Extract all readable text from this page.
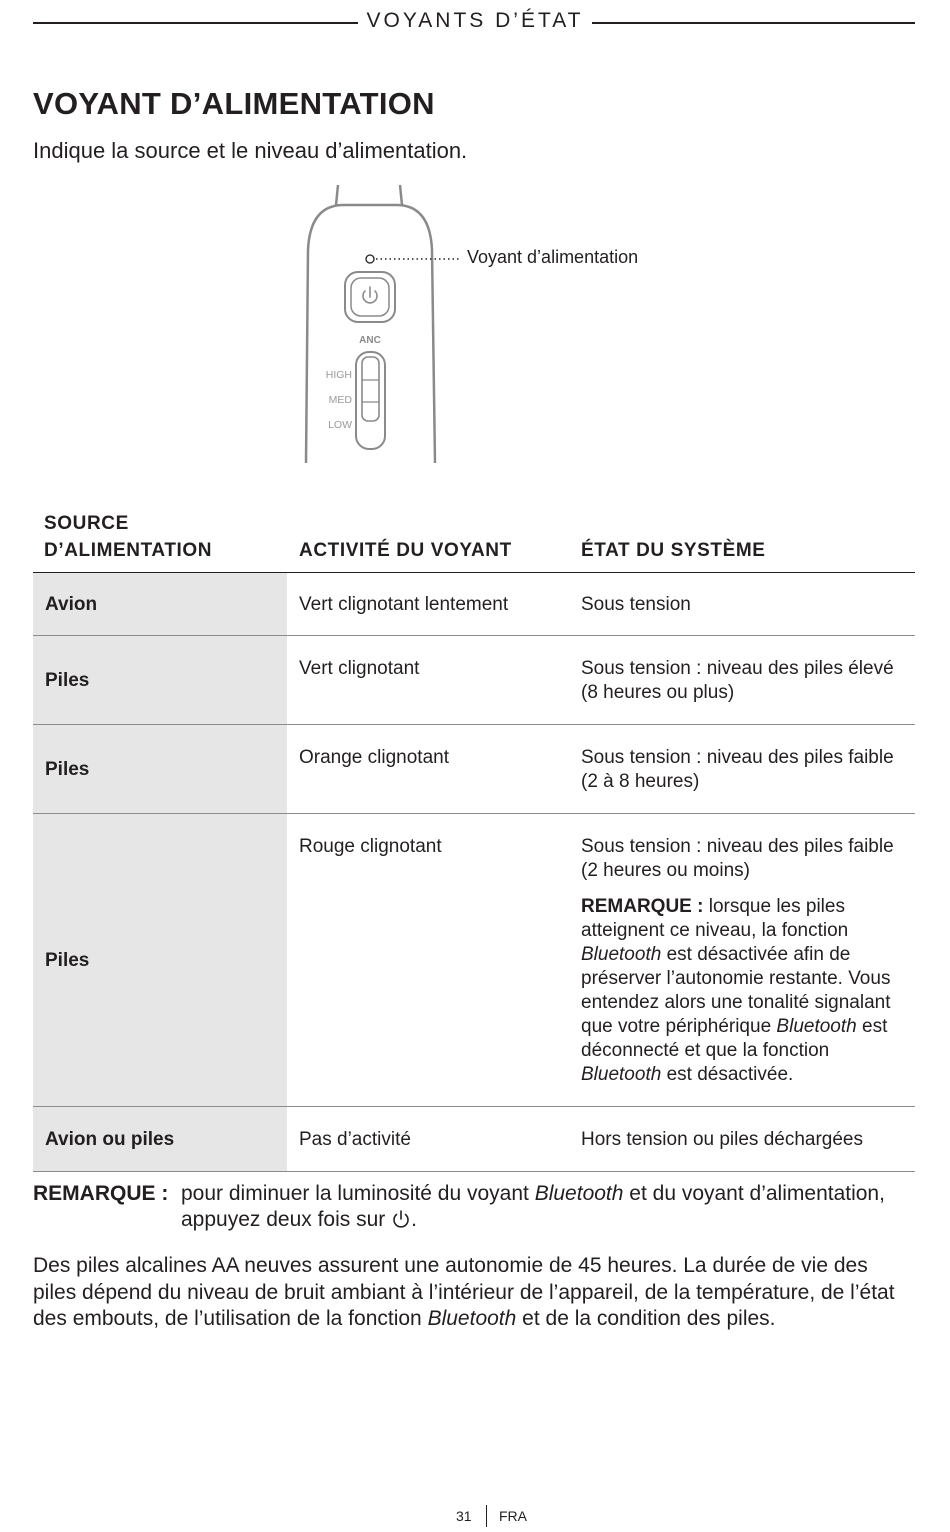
VOYANTS D’ÉTAT
VOYANT D’ALIMENTATION

Indique la source et le niveau d’alimentation.

ANC
HIGH
MED
LOW
Voyant d’alimentation
SOURCE D’ALIMENTATION	ACTIVITÉ DU VOYANT	ÉTAT DU SYSTÈME
Avion	Vert clignotant lentement	Sous tension
Piles	Vert clignotant	Sous tension : niveau des piles élevé (8 heures ou plus)
Piles	Orange clignotant	Sous tension : niveau des piles faible (2 à 8 heures)
Piles	Rouge clignotant	Sous tension : niveau des piles faible (2 heures ou moins)
REMARQUE : lorsque les piles atteignent ce niveau, la fonction Bluetooth est désactivée afin de préserver l’autonomie restante. Vous entendez alors une tonalité signalant que votre périphérique Bluetooth est déconnecté et que la fonction Bluetooth est désactivée.

Avion ou piles	Pas d’activité	Hors tension ou piles déchargées
REMARQUE : pour diminuer la luminosité du voyant Bluetooth et du voyant d’alimentation, appuyez deux fois sur .

Des piles alcalines AA neuves assurent une autonomie de 45 heures. La durée de vie des piles dépend du niveau de bruit ambiant à l’intérieur de l’appareil, de la température, de l’état des embouts, de l’utilisation de la fonction Bluetooth et de la condition des piles.

31 FRA
